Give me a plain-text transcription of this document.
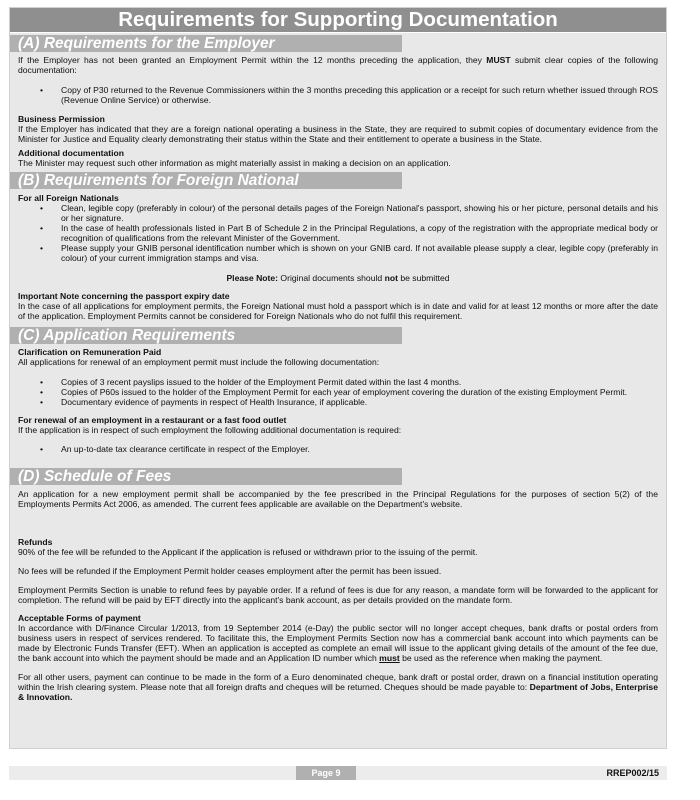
Requirements for Supporting Documentation
(A) Requirements for the Employer

If the Employer has not been granted an Employment Permit within the 12 months preceding the application, they MUST submit clear copies of the following documentation:

• Copy of P30 returned to the Revenue Commissioners within the 3 months preceding this application or a receipt for such return whether issued through ROS (Revenue Online Service) or otherwise.

Business Permission

If the Employer has indicated that they are a foreign national operating a business in the State, they are required to submit copies of documentary evidence from the Minister for Justice and Equality clearly demonstrating their status within the State and their entitlement to operate a business in the State.

Additional documentation

The Minister may request such other information as might materially assist in making a decision on an application.

(B) Requirements for Foreign National

For all Foreign Nationals

• Clean, legible copy (preferably in colour) of the personal details pages of the Foreign National's passport, showing his or her picture, personal details and his or her signature.
• In the case of health professionals listed in Part B of Schedule 2 in the Principal Regulations, a copy of the registration with the appropriate medical body or recognition of qualifications from the relevant Minister of the Government.
• Please supply your GNIB personal identification number which is shown on your GNIB card. If not available please supply a clear, legible copy (preferably in colour) of your current immigration stamps and visa.

Please Note: Original documents should not be submitted

Important Note concerning the passport expiry date

In the case of all applications for employment permits, the Foreign National must hold a passport which is in date and valid for at least 12 months or more after the date of the application. Employment Permits cannot be considered for Foreign Nationals who do not fulfil this requirement.

(C) Application Requirements

Clarification on Remuneration Paid

All applications for renewal of an employment permit must include the following documentation:

• Copies of 3 recent payslips issued to the holder of the Employment Permit dated within the last 4 months.
• Copies of P60s issued to the holder of the Employment Permit for each year of employment covering the duration of the existing Employment Permit.
• Documentary evidence of payments in respect of Health Insurance, if applicable.

For renewal of an employment in a restaurant or a fast food outlet

If the application is in respect of such employment the following additional documentation is required:

• An up-to-date tax clearance certificate in respect of the Employer.
(D) Schedule of Fees

An application for a new employment permit shall be accompanied by the fee prescribed in the Principal Regulations for the purposes of section 5(2) of the Employments Permits Act 2006, as amended. The current fees applicable are available on the Department's website.

Refunds

90% of the fee will be refunded to the Applicant if the application is refused or withdrawn prior to the issuing of the permit.

No fees will be refunded if the Employment Permit holder ceases employment after the permit has been issued.

Employment Permits Section is unable to refund fees by payable order. If a refund of fees is due for any reason, a mandate form will be forwarded to the applicant for completion. The refund will be paid by EFT directly into the applicant's bank account, as per details provided on the mandate form.

Acceptable Forms of payment

In accordance with D/Finance Circular 1/2013, from 19 September 2014 (e-Day) the public sector will no longer accept cheques, bank drafts or postal orders from business users in respect of services rendered. To facilitate this, the Employment Permits Section now has a commercial bank account into which payments can be made by Electronic Funds Transfer (EFT). When an application is accepted as complete an email will issue to the applicant giving details of the amount of the fee due, the bank account into which the payment should be made and an Application ID number which must be used as the reference when making the payment.

For all other users, payment can continue to be made in the form of a Euro denominated cheque, bank draft or postal order, drawn on a financial institution operating within the Irish clearing system. Please note that all foreign drafts and cheques will be returned. Cheques should be made payable to: Department of Jobs, Enterprise & Innovation.

Page 9	RREP002/15
